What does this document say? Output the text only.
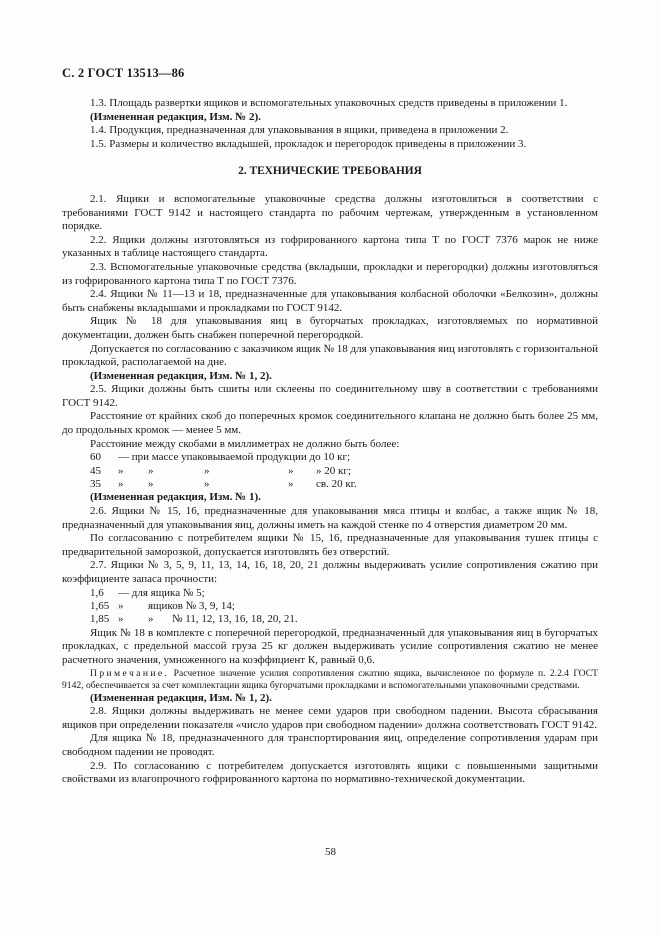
С. 2 ГОСТ 13513—86

1.3. Площадь развертки ящиков и вспомогательных упаковочных средств приведены в приложении 1.

(Измененная редакция, Изм. № 2).

1.4. Продукция, предназначенная для упаковывания в ящики, приведена в приложении 2.

1.5. Размеры и количество вкладышей, прокладок и перегородок приведены в приложении 3.

2. ТЕХНИЧЕСКИЕ ТРЕБОВАНИЯ

2.1. Ящики и вспомогательные упаковочные средства должны изготовляться в соответствии с требованиями ГОСТ 9142 и настоящего стандарта по рабочим чертежам, утвержденным в установленном порядке.

2.2. Ящики должны изготовляться из гофрированного картона типа Т по ГОСТ 7376 марок не ниже указанных в таблице настоящего стандарта.

2.3. Вспомогательные упаковочные средства (вкладыши, прокладки и перегородки) должны изготовляться из гофрированного картона типа Т по ГОСТ 7376.

2.4. Ящики № 11—13 и 18, предназначенные для упаковывания колбасной оболочки «Белкозин», должны быть снабжены вкладышами и прокладками по ГОСТ 9142.

Ящик № 18 для упаковывания яиц в бугорчатых прокладках, изготовляемых по нормативной документации, должен быть снабжен поперечной перегородкой.

Допускается по согласованию с заказчиком ящик № 18 для упаковывания яиц изготовлять с горизонтальной прокладкой, располагаемой на дне.

(Измененная редакция, Изм. № 1, 2).

2.5. Ящики должны быть сшиты или склеены по соединительному шву в соответствии с требованиями ГОСТ 9142.

Расстояние от крайних скоб до поперечных кромок соединительного клапана не должно быть более 25 мм, до продольных кромок — менее 5 мм.

Расстояние между скобами в миллиметрах не должно быть более:

60	— при массе упаковываемой продукции до 10 кг;				
45	»	»	»	»	» 20 кг;
35	»	»	»	»	св. 20 кг.

(Измененная редакция, Изм. № 1).

2.6. Ящики № 15, 16, предназначенные для упаковывания мяса птицы и колбас, а также ящик № 18, предназначенный для упаковывания яиц, должны иметь на каждой стенке по 4 отверстия диаметром 20 мм.

По согласованию с потребителем ящики № 15, 16, предназначенные для упаковывания тушек птицы с предварительной заморозкой, допускается изготовлять без отверстий.

2.7. Ящики № 3, 5, 9, 11, 13, 14, 16, 18, 20, 21 должны выдерживать усилие сопротивления сжатию при коэффициенте запаса прочности:

1,6	— для ящика № 5;		
1,65	»	ящиков № 3, 9, 14;	
1,85	»	»	№ 11, 12, 13, 16, 18, 20, 21.

Ящик № 18 в комплекте с поперечной перегородкой, предназначенный для упаковывания яиц в бугорчатых прокладках, с предельной массой груза 25 кг должен выдерживать усилие сопротивления сжатию не менее расчетного значения, умноженного на коэффициент К, равный 0,6.

Примечание. Расчетное значение усилия сопротивления сжатию ящика, вычисленное по формуле п. 2.2.4 ГОСТ 9142, обеспечивается за счет комплектации ящика бугорчатыми прокладками и вспомогательными упаковочными средствами.

(Измененная редакция, Изм. № 1, 2).

2.8. Ящики должны выдерживать не менее семи ударов при свободном падении. Высота сбрасывания ящиков при определении показателя «число ударов при свободном падении» должна соответствовать ГОСТ 9142.

Для ящика № 18, предназначенного для транспортирования яиц, определение сопротивления ударам при свободном падении не проводят.

2.9. По согласованию с потребителем допускается изготовлять ящики с повышенными защитными свойствами из влагопрочного гофрированного картона по нормативно-технической документации.

58
